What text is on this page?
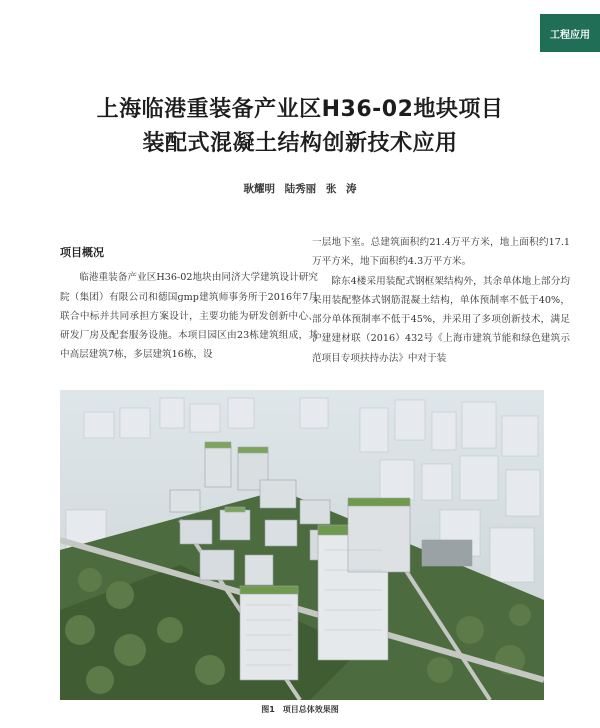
工程应用
上海临港重装备产业区H36-02地块项目
装配式混凝土结构创新技术应用
耿耀明 陆秀丽 张 涛
项目概况

临港重装备产业区H36-02地块由同济大学建筑设计研究院（集团）有限公司和德国gmp建筑师事务所于2016年7月联合中标并共同承担方案设计，主要功能为研发创新中心、研发厂房及配套服务设施。本项目园区由23栋建筑组成，其中高层建筑7栋，多层建筑16栋，设

一层地下室。总建筑面积约21.4万平方米，地上面积约17.1万平方米，地下面积约4.3万平方米。

除东4楼采用装配式钢框架结构外，其余单体地上部分均采用装配整体式钢筋混凝土结构，单体预制率不低于40%，部分单体预制率不低于45%，并采用了多项创新技术，满足沪建建材联（2016）432号《上海市建筑节能和绿色建筑示范项目专项扶持办法》中对于装

图1　项目总体效果图
